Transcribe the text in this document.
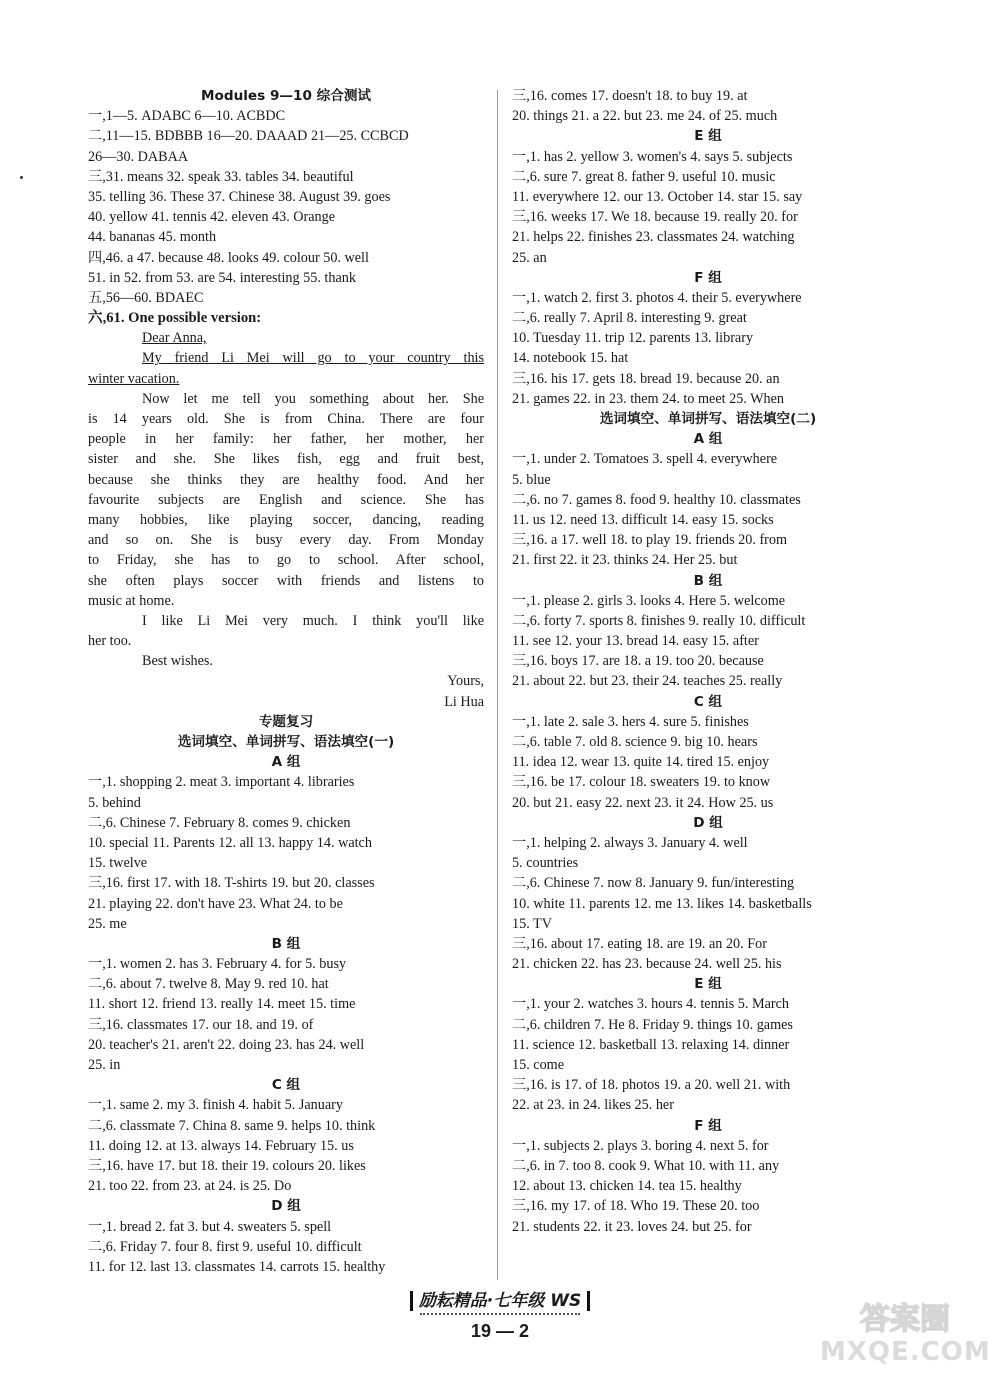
Modules 9—10 综合测试
一,1—5. ADABC 6—10. ACBDC
二,11—15. BDBBB 16—20. DAAAD 21—25. CCBCD
26—30. DABAA
三,31. means 32. speak 33. tables 34. beautiful
35. telling 36. These 37. Chinese 38. August 39. goes
40. yellow 41. tennis 42. eleven 43. Orange
44. bananas 45. month
四,46. a 47. because 48. looks 49. colour 50. well
51. in 52. from 53. are 54. interesting 55. thank
五,56—60. BDAEC
六,61. One possible version:
Dear Anna,
My friend Li Mei will go to your country this
winter vacation.
Now let me tell you something about her. She
is 14 years old. She is from China. There are four
people in her family: her father, her mother, her
sister and she. She likes fish, egg and fruit best,
because she thinks they are healthy food. And her
favourite subjects are English and science. She has
many hobbies, like playing soccer, dancing, reading
and so on. She is busy every day. From Monday
to Friday, she has to go to school. After school,
she often plays soccer with friends and listens to
music at home.
I like Li Mei very much. I think you'll like
her too.
Best wishes.
Yours,
Li Hua
专题复习
选词填空、单词拼写、语法填空(一)
A 组
一,1. shopping 2. meat 3. important 4. libraries
5. behind
二,6. Chinese 7. February 8. comes 9. chicken
10. special 11. Parents 12. all 13. happy 14. watch
15. twelve
三,16. first 17. with 18. T-shirts 19. but 20. classes
21. playing 22. don't have 23. What 24. to be
25. me
B 组
一,1. women 2. has 3. February 4. for 5. busy
二,6. about 7. twelve 8. May 9. red 10. hat
11. short 12. friend 13. really 14. meet 15. time
三,16. classmates 17. our 18. and 19. of
20. teacher's 21. aren't 22. doing 23. has 24. well
25. in
C 组
一,1. same 2. my 3. finish 4. habit 5. January
二,6. classmate 7. China 8. same 9. helps 10. think
11. doing 12. at 13. always 14. February 15. us
三,16. have 17. but 18. their 19. colours 20. likes
21. too 22. from 23. at 24. is 25. Do
D 组
一,1. bread 2. fat 3. but 4. sweaters 5. spell
二,6. Friday 7. four 8. first 9. useful 10. difficult
11. for 12. last 13. classmates 14. carrots 15. healthy
三,16. comes 17. doesn't 18. to buy 19. at
20. things 21. a 22. but 23. me 24. of 25. much
E 组
一,1. has 2. yellow 3. women's 4. says 5. subjects
二,6. sure 7. great 8. father 9. useful 10. music
11. everywhere 12. our 13. October 14. star 15. say
三,16. weeks 17. We 18. because 19. really 20. for
21. helps 22. finishes 23. classmates 24. watching
25. an
F 组
一,1. watch 2. first 3. photos 4. their 5. everywhere
二,6. really 7. April 8. interesting 9. great
10. Tuesday 11. trip 12. parents 13. library
14. notebook 15. hat
三,16. his 17. gets 18. bread 19. because 20. an
21. games 22. in 23. them 24. to meet 25. When
选词填空、单词拼写、语法填空(二)
A 组
一,1. under 2. Tomatoes 3. spell 4. everywhere
5. blue
二,6. no 7. games 8. food 9. healthy 10. classmates
11. us 12. need 13. difficult 14. easy 15. socks
三,16. a 17. well 18. to play 19. friends 20. from
21. first 22. it 23. thinks 24. Her 25. but
B 组
一,1. please 2. girls 3. looks 4. Here 5. welcome
二,6. forty 7. sports 8. finishes 9. really 10. difficult
11. see 12. your 13. bread 14. easy 15. after
三,16. boys 17. are 18. a 19. too 20. because
21. about 22. but 23. their 24. teaches 25. really
C 组
一,1. late 2. sale 3. hers 4. sure 5. finishes
二,6. table 7. old 8. science 9. big 10. hears
11. idea 12. wear 13. quite 14. tired 15. enjoy
三,16. be 17. colour 18. sweaters 19. to know
20. but 21. easy 22. next 23. it 24. How 25. us
D 组
一,1. helping 2. always 3. January 4. well
5. countries
二,6. Chinese 7. now 8. January 9. fun/interesting
10. white 11. parents 12. me 13. likes 14. basketballs
15. TV
三,16. about 17. eating 18. are 19. an 20. For
21. chicken 22. has 23. because 24. well 25. his
E 组
一,1. your 2. watches 3. hours 4. tennis 5. March
二,6. children 7. He 8. Friday 9. things 10. games
11. science 12. basketball 13. relaxing 14. dinner
15. come
三,16. is 17. of 18. photos 19. a 20. well 21. with
22. at 23. in 24. likes 25. her
F 组
一,1. subjects 2. plays 3. boring 4. next 5. for
二,6. in 7. too 8. cook 9. What 10. with 11. any
12. about 13. chicken 14. tea 15. healthy
三,16. my 17. of 18. Who 19. These 20. too
21. students 22. it 23. loves 24. but 25. for
励耘精品·七年级 WS
19 — 2	答案圈
MXQE.COM
